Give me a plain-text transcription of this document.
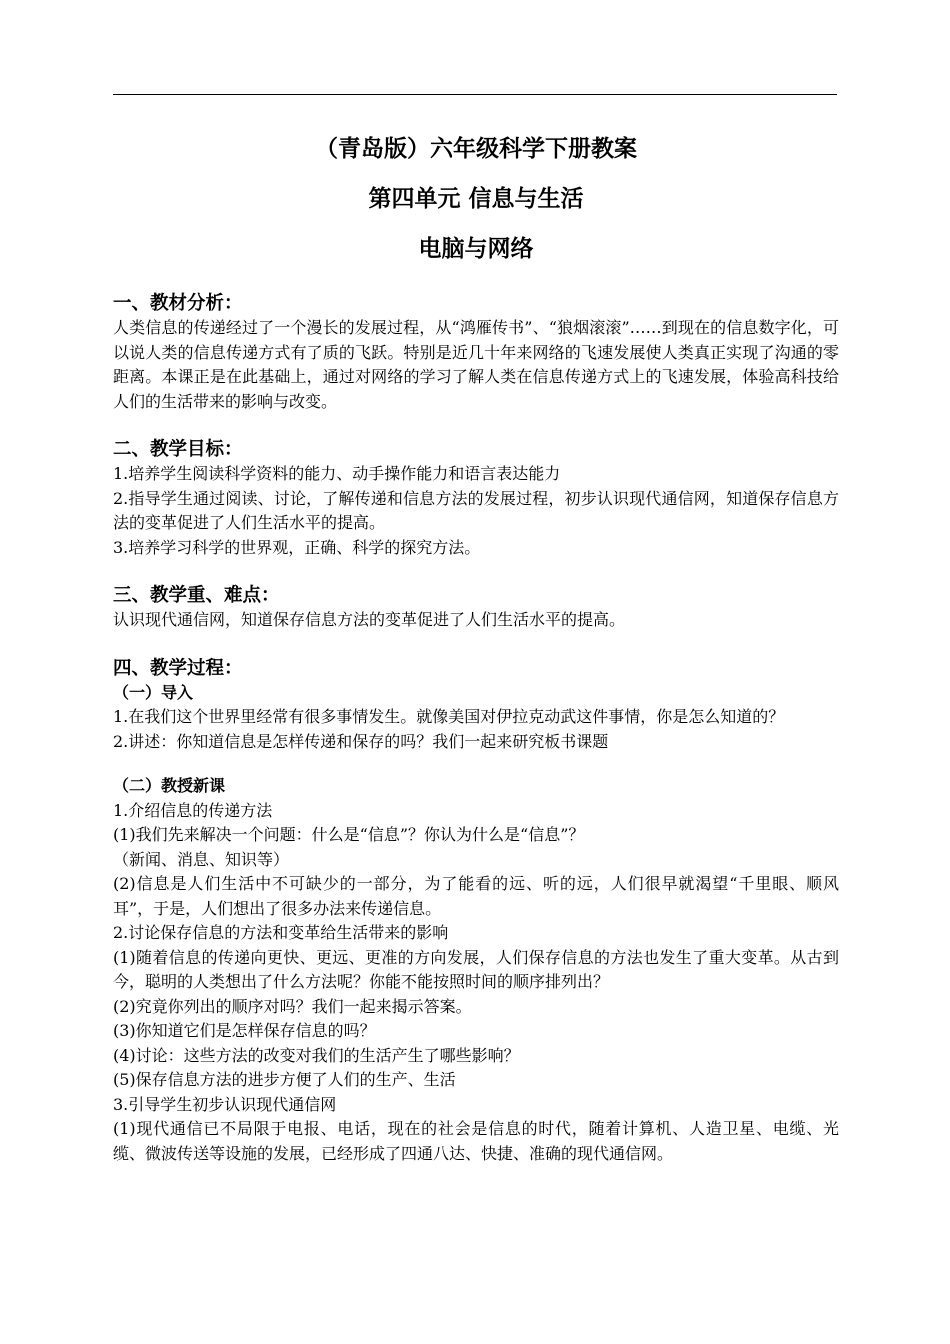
（青岛版）六年级科学下册教案
第四单元 信息与生活
电脑与网络

一、教材分析：

人类信息的传递经过了一个漫长的发展过程，从“鸿雁传书”、“狼烟滚滚”……到现在的信息数字化，可以说人类的信息传递方式有了质的飞跃。特别是近几十年来网络的飞速发展使人类真正实现了沟通的零距离。本课正是在此基础上，通过对网络的学习了解人类在信息传递方式上的飞速发展，体验高科技给人们的生活带来的影响与改变。

二、教学目标：

1.培养学生阅读科学资料的能力、动手操作能力和语言表达能力

2.指导学生通过阅读、讨论，了解传递和信息方法的发展过程，初步认识现代通信网，知道保存信息方法的变革促进了人们生活水平的提高。

3.培养学习科学的世界观，正确、科学的探究方法。

三、教学重、难点：

认识现代通信网，知道保存信息方法的变革促进了人们生活水平的提高。

四、教学过程：

（一）导入

1.在我们这个世界里经常有很多事情发生。就像美国对伊拉克动武这件事情，你是怎么知道的？

2.讲述：你知道信息是怎样传递和保存的吗？我们一起来研究板书课题

（二）教授新课

1.介绍信息的传递方法

(1)我们先来解决一个问题：什么是“信息”？你认为什么是“信息”？

（新闻、消息、知识等）

(2)信息是人们生活中不可缺少的一部分，为了能看的远、听的远，人们很早就渴望“千里眼、顺风耳”，于是，人们想出了很多办法来传递信息。

2.讨论保存信息的方法和变革给生活带来的影响

(1)随着信息的传递向更快、更远、更准的方向发展，人们保存信息的方法也发生了重大变革。从古到今，聪明的人类想出了什么方法呢？你能不能按照时间的顺序排列出？

(2)究竟你列出的顺序对吗？我们一起来揭示答案。

(3)你知道它们是怎样保存信息的吗？

(4)讨论：这些方法的改变对我们的生活产生了哪些影响？

(5)保存信息方法的进步方便了人们的生产、生活

3.引导学生初步认识现代通信网

(1)现代通信已不局限于电报、电话，现在的社会是信息的时代，随着计算机、人造卫星、电缆、光缆、微波传送等设施的发展，已经形成了四通八达、快捷、准确的现代通信网。
